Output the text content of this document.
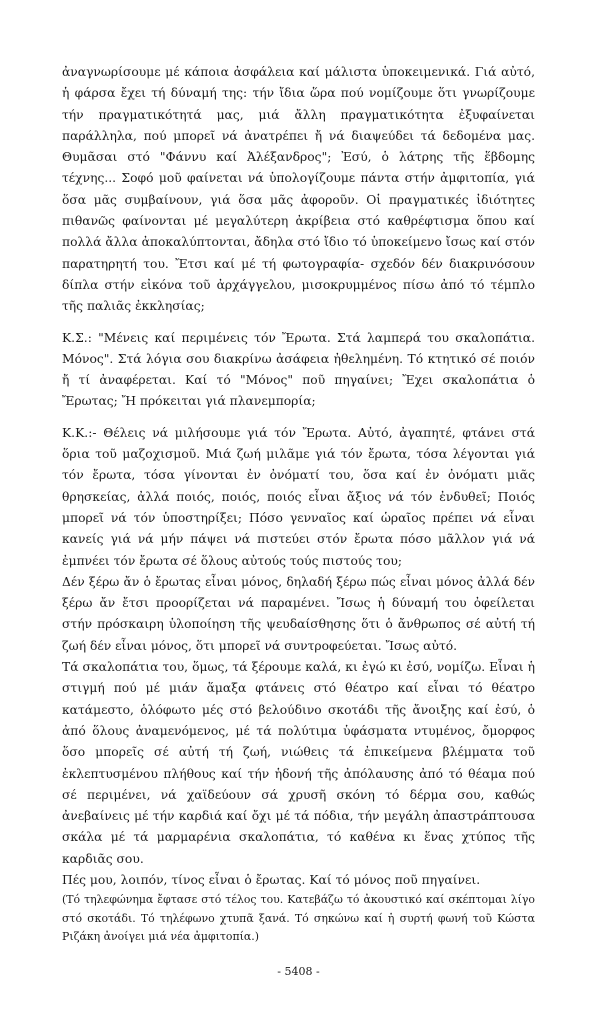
ἀναγνωρίσουμε μέ κάποια ἀσφάλεια καί μάλιστα ὑποκειμενικά. Γιά αὐτό, ἡ φάρσα ἔχει τή δύναμή της: τήν ἴδια ὥρα πού νομίζουμε ὅτι γνωρίζουμε τήν πραγματικότητά μας, μιά ἄλλη πραγματικότητα ἐξυφαίνεται παράλληλα, πού μπορεῖ νά ἀνατρέπει ἤ νά διαψεύδει τά δεδομένα μας. Θυμᾶσαι στό "Φάννυ καί Ἀλέξανδρος"; Ἐσύ, ὁ λάτρης τῆς ἕβδομης τέχνης... Σοφό μοῦ φαίνεται νά ὑπολογίζουμε πάντα στήν ἀμφιτοπία, γιά ὅσα μᾶς συμβαίνουν, γιά ὅσα μᾶς ἀφοροῦν. Οἱ πραγματικές ἰδιότητες πιθανῶς φαίνονται μέ μεγαλύτερη ἀκρίβεια στό καθρέφτισμα ὅπου καί πολλά ἄλλα ἀποκαλύπτονται, ἄδηλα στό ἴδιο τό ὑποκείμενο ἴσως καί στόν παρατηρητή του. Ἔτσι καί μέ τή φωτογραφία- σχεδόν δέν διακρινόσουν δίπλα στήν εἰκόνα τοῦ ἀρχάγγελου, μισοκρυμμένος πίσω ἀπό τό τέμπλο τῆς παλιᾶς ἐκκλησίας;

Κ.Σ.: "Μένεις καί περιμένεις τόν Ἔρωτα. Στά λαμπερά του σκαλοπάτια. Μόνος". Στά λόγια σου διακρίνω ἀσάφεια ἠθελημένη. Τό κτητικό σέ ποιόν ἤ τί ἀναφέρεται. Καί τό "Μόνος" ποῦ πηγαίνει; Ἔχει σκαλοπάτια ὁ Ἔρωτας; Ἤ πρόκειται γιά πλανεμπορία;

Κ.Κ.:- Θέλεις νά μιλήσουμε γιά τόν Ἔρωτα. Αὐτό, ἀγαπητέ, φτάνει στά ὅρια τοῦ μαζοχισμοῦ. Μιά ζωή μιλᾶμε γιά τόν ἔρωτα, τόσα λέγονται γιά τόν ἔρωτα, τόσα γίνονται ἐν ὀνόματί του, ὅσα καί ἐν ὀνόματι μιᾶς θρησκείας, ἀλλά ποιός, ποιός, ποιός εἶναι ἄξιος νά τόν ἐνδυθεῖ; Ποιός μπορεῖ νά τόν ὑποστηρίξει; Πόσο γενναῖος καί ὡραῖος πρέπει νά εἶναι κανείς γιά νά μήν πάψει νά πιστεύει στόν ἔρωτα πόσο μᾶλλον γιά νά ἐμπνέει τόν ἔρωτα σέ ὅλους αὐτούς τούς πιστούς του;

Δέν ξέρω ἄν ὁ ἔρωτας εἶναι μόνος, δηλαδή ξέρω πώς εἶναι μόνος ἀλλά δέν ξέρω ἄν ἔτσι προορίζεται νά παραμένει. Ἴσως ἡ δύναμή του ὀφείλεται στήν πρόσκαιρη ὑλοποίηση τῆς ψευδαίσθησης ὅτι ὁ ἄνθρωπος σέ αὐτή τή ζωή δέν εἶναι μόνος, ὅτι μπορεῖ νά συντροφεύεται. Ἴσως αὐτό.

Τά σκαλοπάτια του, ὅμως, τά ξέρουμε καλά, κι ἐγώ κι ἐσύ, νομίζω. Εἶναι ἡ στιγμή πού μέ μιάν ἅμαξα φτάνεις στό θέατρο καί εἶναι τό θέατρο κατάμεστο, ὁλόφωτο μές στό βελούδινο σκοτάδι τῆς ἄνοιξης καί ἐσύ, ὁ ἀπό ὅλους ἀναμενόμενος, μέ τά πολύτιμα ὑφάσματα ντυμένος, ὄμορφος ὅσο μπορεῖς σέ αὐτή τή ζωή, νιώθεις τά ἐπικείμενα βλέμματα τοῦ ἐκλεπτυσμένου πλήθους καί τήν ἡδονή τῆς ἀπόλαυσης ἀπό τό θέαμα πού σέ περιμένει, νά χαϊδεύουν σά χρυσῆ σκόνη τό δέρμα σου, καθώς ἀνεβαίνεις μέ τήν καρδιά καί ὄχι μέ τά πόδια, τήν μεγάλη ἀπαστράπτουσα σκάλα μέ τά μαρμαρένια σκαλοπάτια, τό καθένα κι ἕνας χτύπος τῆς καρδιᾶς σου.

Πές μου, λοιπόν, τίνος εἶναι ὁ ἔρωτας. Καί τό μόνος ποῦ πηγαίνει.

(Τό τηλεφώνημα ἔφτασε στό τέλος του. Κατεβάζω τό ἀκουστικό καί σκέπτομαι λίγο στό σκοτάδι. Τό τηλέφωνο χτυπᾶ ξανά. Τό σηκώνω καί ἡ συρτή φωνή τοῦ Κώστα Ριζάκη ἀνοίγει μιά νέα ἀμφιτοπία.)

- 5408 -
